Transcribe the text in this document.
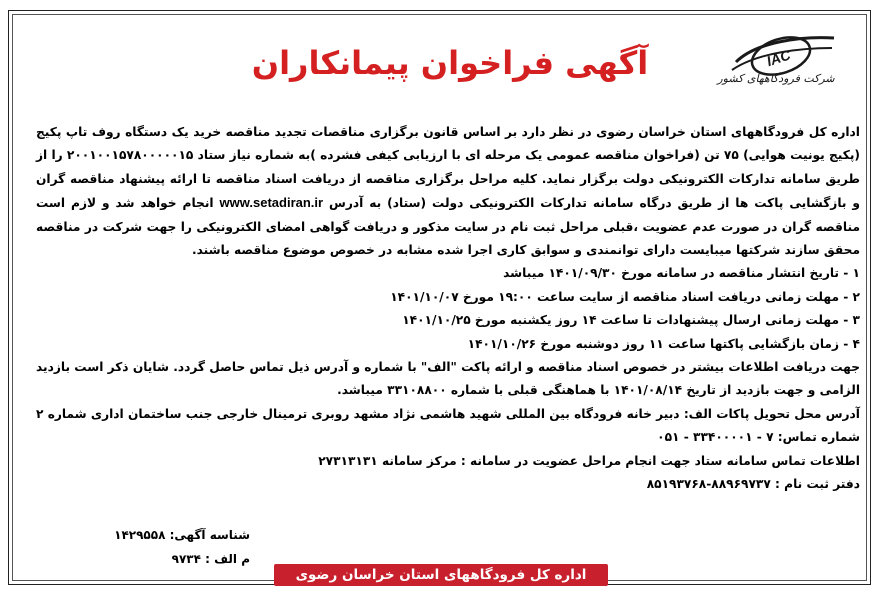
IAC
شرکت فرودگاههای کشور
آگهی فراخوان پیمانکاران

اداره کل فرودگاههای استان خراسان رضوی در نظر دارد بر اساس قانون برگزاری مناقصات تجدید مناقصه خرید یک دستگاه روف تاپ پکیج (پکیج یونیت هوایی) ۷۵ تن (فراخوان مناقصه عمومی یک مرحله ای با ارزیابی کیفی فشرده )به شماره نیاز ستاد ۲۰۰۱۰۰۱۵۷۸۰۰۰۰۰۱۵ را از طریق سامانه تدارکات الکترونیکی دولت برگزار نماید. کلیه مراحل برگزاری مناقصه از دریافت اسناد مناقصه تا ارائه پیشنهاد مناقصه گران و بازگشایی پاکت ها از طریق درگاه سامانه تدارکات الکترونیکی دولت (ستاد) به آدرس www.setadiran.ir انجام خواهد شد و لازم است مناقصه گران در صورت عدم عضویت ،قبلی مراحل ثبت نام در سایت مذکور و دریافت گواهی امضای الکترونیکی را جهت شرکت در مناقصه محقق سازند شرکتها میبایست دارای توانمندی و سوابق کاری اجرا شده مشابه در خصوص موضوع مناقصه باشند.

۱ - تاریخ انتشار مناقصه در سامانه مورخ ۱۴۰۱/۰۹/۳۰ میباشد

۲ - مهلت زمانی دریافت اسناد مناقصه از سایت ساعت ۱۹:۰۰ مورخ ۱۴۰۱/۱۰/۰۷

۳ - مهلت زمانی ارسال پیشنهادات تا ساعت ۱۴ روز یکشنبه مورخ ۱۴۰۱/۱۰/۲۵

۴ - زمان بازگشایی پاکتها ساعت ۱۱ روز دوشنبه مورخ ۱۴۰۱/۱۰/۲۶

جهت دریافت اطلاعات بیشتر در خصوص اسناد مناقصه و ارائه پاکت "الف" با شماره و آدرس ذیل تماس حاصل گردد. شایان ذکر است بازدید الزامی و جهت بازدید از تاریخ ۱۴۰۱/۰۸/۱۴ با هماهنگی قبلی با شماره ۳۳۱۰۸۸۰۰ میباشد.

آدرس محل تحویل پاکات الف: دبیر خانه فرودگاه بین المللی شهید هاشمی نژاد مشهد روبری ترمینال خارجی جنب ساختمان اداری شماره ۲ شماره تماس: ۷ - ۳۳۴۰۰۰۰۱ - ۰۵۱

اطلاعات تماس سامانه ستاد جهت انجام مراحل عضویت در سامانه : مرکز سامانه ۲۷۳۱۳۱۳۱

دفتر ثبت نام : ۸۸۹۶۹۷۳۷-۸۵۱۹۳۷۶۸

شناسه آگهی: ۱۴۲۹۵۵۸
م الف : ۹۷۳۴
اداره کل فرودگاههای استان خراسان رضوی
